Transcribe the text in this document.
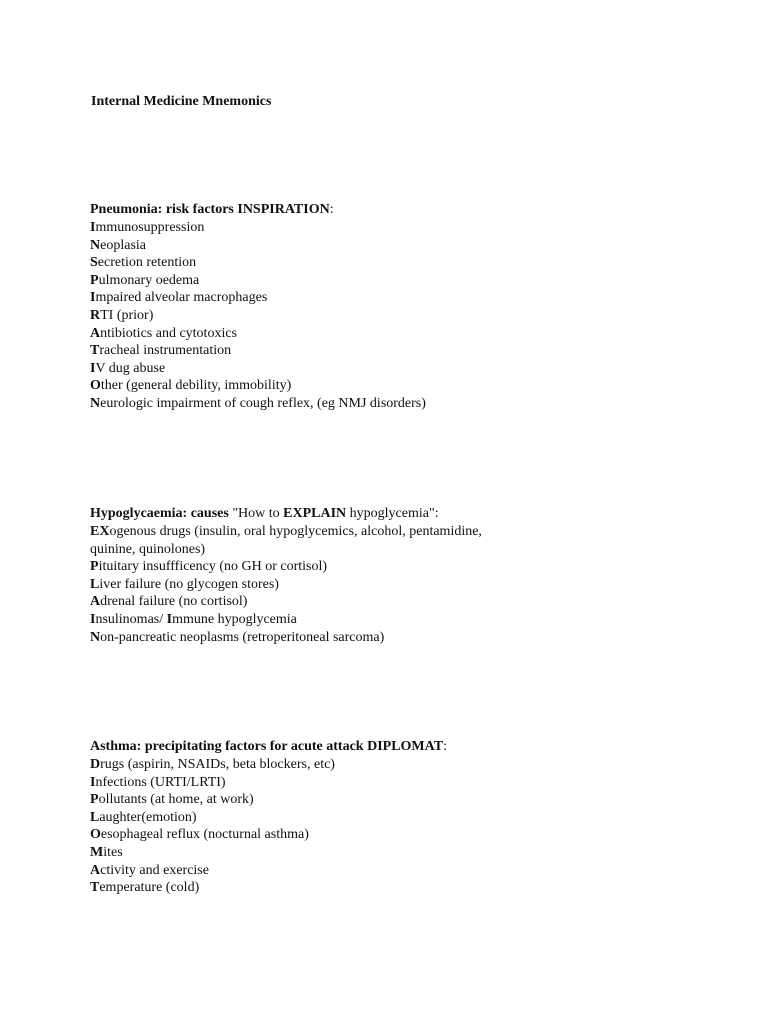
Internal Medicine Mnemonics
Pneumonia: risk factors INSPIRATION:
Immunosuppression
Neoplasia
Secretion retention
Pulmonary oedema
Impaired alveolar macrophages
RTI (prior)
Antibiotics and cytotoxics
Tracheal instrumentation
IV dug abuse
Other (general debility, immobility)
Neurologic impairment of cough reflex, (eg NMJ disorders)
Hypoglycaemia: causes "How to EXPLAIN hypoglycemia":
EXogenous drugs (insulin, oral hypoglycemics, alcohol, pentamidine, quinine, quinolones)
Pituitary insuffficency (no GH or cortisol)
Liver failure (no glycogen stores)
Adrenal failure (no cortisol)
Insulinomas/ Immune hypoglycemia
Non-pancreatic neoplasms (retroperitoneal sarcoma)
Asthma: precipitating factors for acute attack DIPLOMAT:
Drugs (aspirin, NSAIDs, beta blockers, etc)
Infections (URTI/LRTI)
Pollutants (at home, at work)
Laughter(emotion)
Oesophageal reflux (nocturnal asthma)
Mites
Activity and exercise
Temperature (cold)
